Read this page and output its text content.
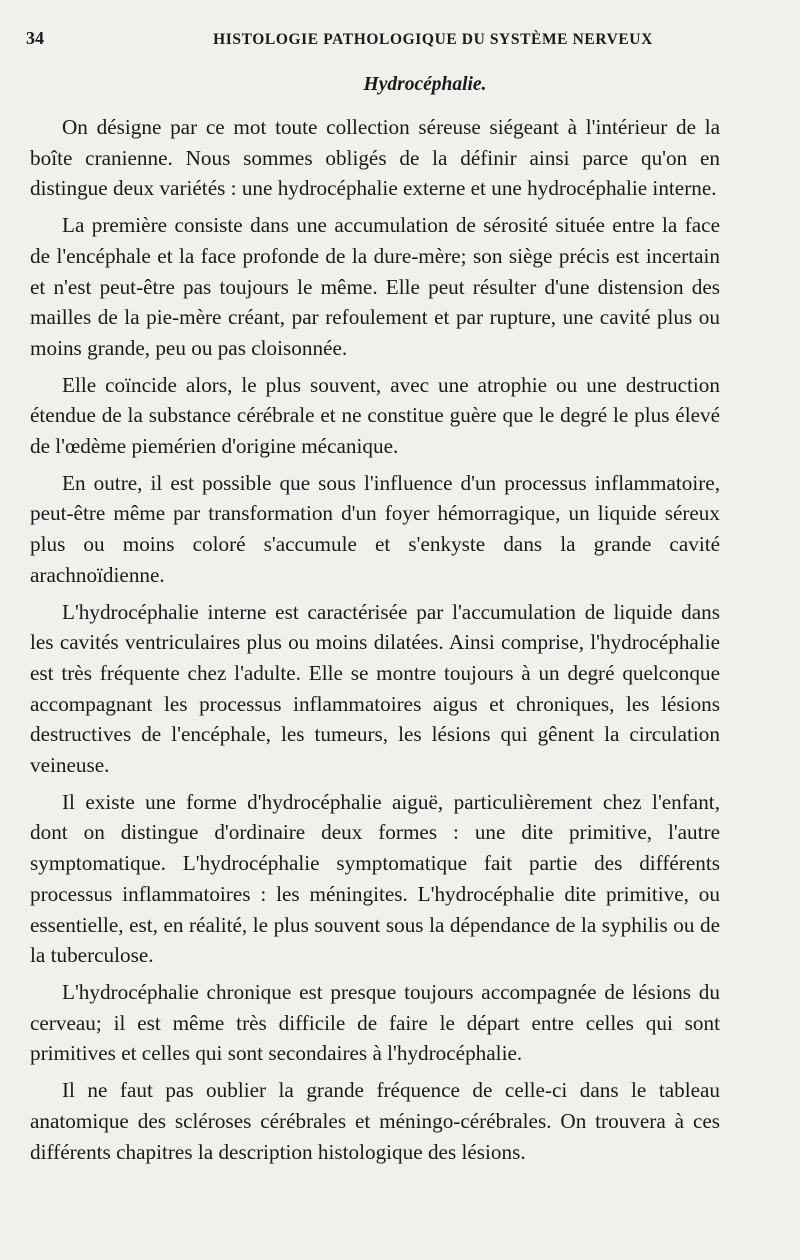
34	HISTOLOGIE PATHOLOGIQUE DU SYSTÈME NERVEUX
Hydrocéphalie.

On désigne par ce mot toute collection séreuse siégeant à l'intérieur de la boîte cranienne. Nous sommes obligés de la définir ainsi parce qu'on en distingue deux variétés : une hydrocéphalie externe et une hydrocéphalie interne.

La première consiste dans une accumulation de sérosité située entre la face de l'encéphale et la face profonde de la dure-mère; son siège précis est incertain et n'est peut-être pas toujours le même. Elle peut résulter d'une distension des mailles de la pie-mère créant, par refoulement et par rupture, une cavité plus ou moins grande, peu ou pas cloisonnée.

Elle coïncide alors, le plus souvent, avec une atrophie ou une destruction étendue de la substance cérébrale et ne constitue guère que le degré le plus élevé de l'œdème piemérien d'origine mécanique.

En outre, il est possible que sous l'influence d'un processus inflammatoire, peut-être même par transformation d'un foyer hémorragique, un liquide séreux plus ou moins coloré s'accumule et s'enkyste dans la grande cavité arachnoïdienne.

L'hydrocéphalie interne est caractérisée par l'accumulation de liquide dans les cavités ventriculaires plus ou moins dilatées. Ainsi comprise, l'hydrocéphalie est très fréquente chez l'adulte. Elle se montre toujours à un degré quelconque accompagnant les processus inflammatoires aigus et chroniques, les lésions destructives de l'encéphale, les tumeurs, les lésions qui gênent la circulation veineuse.

Il existe une forme d'hydrocéphalie aiguë, particulièrement chez l'enfant, dont on distingue d'ordinaire deux formes : une dite primitive, l'autre symptomatique. L'hydrocéphalie symptomatique fait partie des différents processus inflammatoires : les méningites. L'hydrocéphalie dite primitive, ou essentielle, est, en réalité, le plus souvent sous la dépendance de la syphilis ou de la tuberculose.

L'hydrocéphalie chronique est presque toujours accompagnée de lésions du cerveau; il est même très difficile de faire le départ entre celles qui sont primitives et celles qui sont secondaires à l'hydrocéphalie.

Il ne faut pas oublier la grande fréquence de celle-ci dans le tableau anatomique des scléroses cérébrales et méningo-cérébrales. On trouvera à ces différents chapitres la description histologique des lésions.
